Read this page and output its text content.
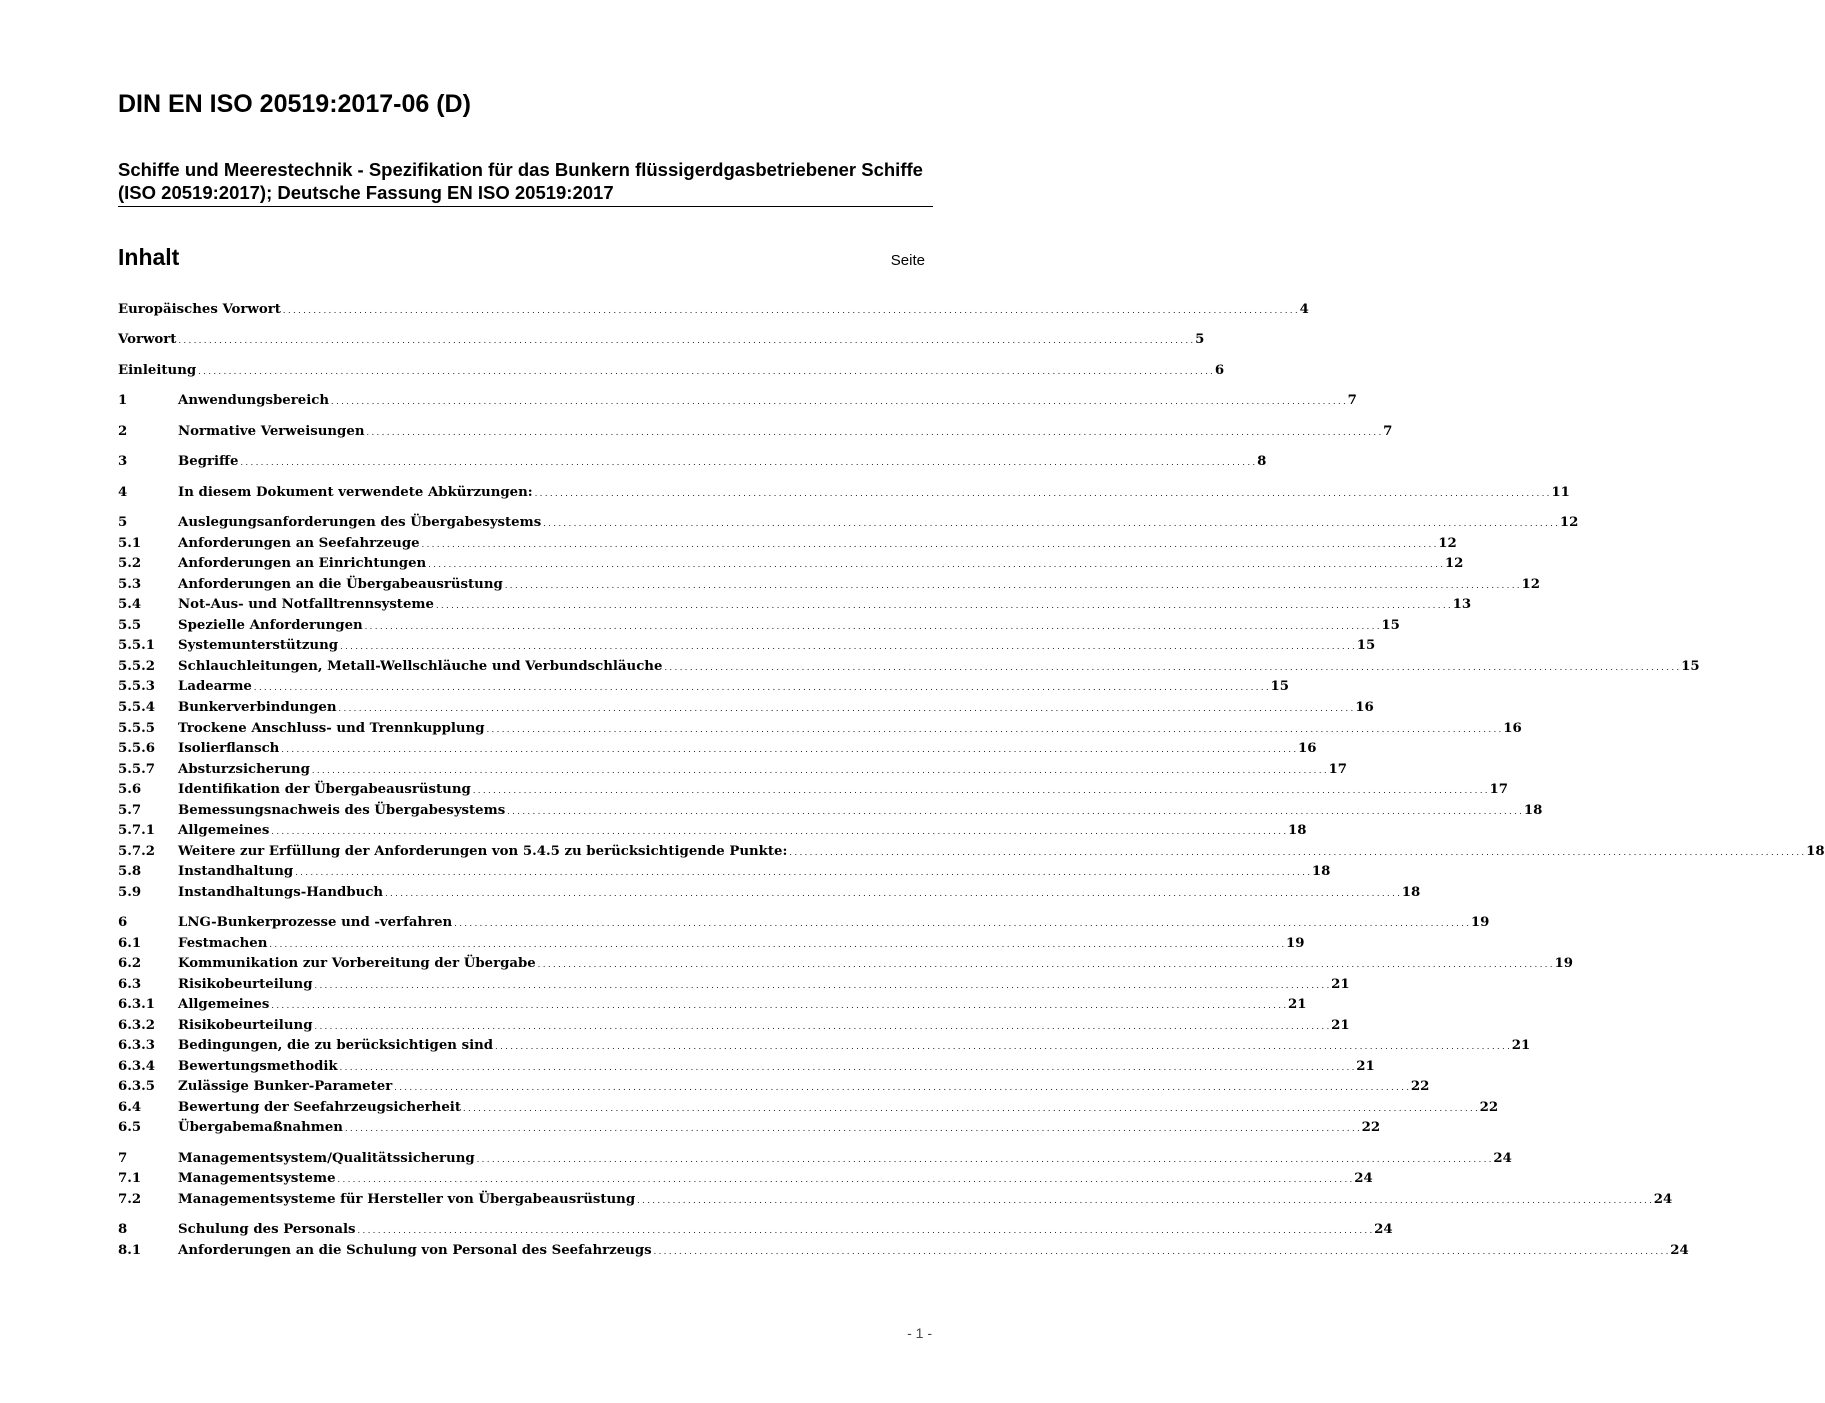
DIN EN ISO 20519:2017-06 (D)
Schiffe und Meerestechnik - Spezifikation für das Bunkern flüssigerdgasbetriebener Schiffe (ISO 20519:2017); Deutsche Fassung EN ISO 20519:2017
Inhalt	Seite
Europäisches Vorwort . . . . . . . . . . . . . . . . . . . . . . . . . . . . . . . . . . . . . . . . . . . . . . . . . . . . . . . . . . . . . . . . . . . . . . . . . . . . . . . . . . . . . . . . . . . . . . . . . . . . . . . . . . . . . . . . . . . . . . . . . . . . . . . . . . . . . . . . . . . . . . . . . . . . . . . . . . . . . . . . . . . . . . . . . . . . . . . . . . . . . . . . . . . . . . . . . . . . . . . . 4
Vorwort . . . . . . . . . . . . . . . . . . . . . . . . . . . . . . . . . . . . . . . . . . . . . . . . . . . . . . . . . . . . . . . . . . . . . . . . . . . . . . . . . . . . . . . . . . . . . . . . . . . . . . . . . . . . . . . . . . . . . . . . . . . . . . . . . . . . . . . . . . . . . . . . . . . . . . . . . . . . . . . . . . . . . . . . . . . . . . . . . . . . . . . . . . . . . . . . . . . . . . . . 5
Einleitung . . . . . . . . . . . . . . . . . . . . . . . . . . . . . . . . . . . . . . . . . . . . . . . . . . . . . . . . . . . . . . . . . . . . . . . . . . . . . . . . . . . . . . . . . . . . . . . . . . . . . . . . . . . . . . . . . . . . . . . . . . . . . . . . . . . . . . . . . . . . . . . . . . . . . . . . . . . . . . . . . . . . . . . . . . . . . . . . . . . . . . . . . . . . . . . . . . . . . . . . 6
1	Anwendungsbereich . . . . . . . . . . . . . . . . . . . . . . . . . . . . . . . . . . . . . . . . . . . . . . . . . . . . . . . . . . . . . . . . . . . . . . . . . . . . . . . . . . . . . . . . . . . . . . . . . . . . . . . . . . . . . . . . . . . . . . . . . . . . . . . . . . . . . . . . . . . . . . . . . . . . . . . . . . . . . . . . . . . . . . . . . . . . . . . . . . . . . . . . . . . . . . . . . . . . . . . . 7
2	Normative Verweisungen . . . . . . . . . . . . . . . . . . . . . . . . . . . . . . . . . . . . . . . . . . . . . . . . . . . . . . . . . . . . . . . . . . . . . . . . . . . . . . . . . . . . . . . . . . . . . . . . . . . . . . . . . . . . . . . . . . . . . . . . . . . . . . . . . . . . . . . . . . . . . . . . . . . . . . . . . . . . . . . . . . . . . . . . . . . . . . . . . . . . . . . . . . . . . . . . . . . . . . . . 7
3	Begriffe . . . . . . . . . . . . . . . . . . . . . . . . . . . . . . . . . . . . . . . . . . . . . . . . . . . . . . . . . . . . . . . . . . . . . . . . . . . . . . . . . . . . . . . . . . . . . . . . . . . . . . . . . . . . . . . . . . . . . . . . . . . . . . . . . . . . . . . . . . . . . . . . . . . . . . . . . . . . . . . . . . . . . . . . . . . . . . . . . . . . . . . . . . . . . . . . . . . . . . . . 8
4	In diesem Dokument verwendete Abkürzungen: . . . . . . . . . . . . . . . . . . . . . . . . . . . . . . . . . . . . . . . . . . . . . . . . . . . . . . . . . . . . . . . . . . . . . . . . . . . . . . . . . . . . . . . . . . . . . . . . . . . . . . . . . . . . . . . . . . . . . . . . . . . . . . . . . . . . . . . . . . . . . . . . . . . . . . . . . . . . . . . . . . . . . . . . . . . . . . . . . . . . . . . . . . . . . . . . . . . . . . . . 11
5	Auslegungsanforderungen des Übergabesystems . . . . . . . . . . . . . . . . . . . . . . . . . . . . . . . . . . . . . . . . . . . . . . . . . . . . . . . . . . . . . . . . . . . . . . . . . . . . . . . . . . . . . . . . . . . . . . . . . . . . . . . . . . . . . . . . . . . . . . . . . . . . . . . . . . . . . . . . . . . . . . . . . . . . . . . . . . . . . . . . . . . . . . . . . . . . . . . . . . . . . . . . . . . . . . . . . . . . . . . . 12
5.1	Anforderungen an Seefahrzeuge . . . . . . . . . . . . . . . . . . . . . . . . . . . . . . . . . . . . . . . . . . . . . . . . . . . . . . . . . . . . . . . . . . . . . . . . . . . . . . . . . . . . . . . . . . . . . . . . . . . . . . . . . . . . . . . . . . . . . . . . . . . . . . . . . . . . . . . . . . . . . . . . . . . . . . . . . . . . . . . . . . . . . . . . . . . . . . . . . . . . . . . . . . . . . . . . . . . . . . . . 12
5.2	Anforderungen an Einrichtungen . . . . . . . . . . . . . . . . . . . . . . . . . . . . . . . . . . . . . . . . . . . . . . . . . . . . . . . . . . . . . . . . . . . . . . . . . . . . . . . . . . . . . . . . . . . . . . . . . . . . . . . . . . . . . . . . . . . . . . . . . . . . . . . . . . . . . . . . . . . . . . . . . . . . . . . . . . . . . . . . . . . . . . . . . . . . . . . . . . . . . . . . . . . . . . . . . . . . . . . . 12
5.3	Anforderungen an die Übergabeausrüstung . . . . . . . . . . . . . . . . . . . . . . . . . . . . . . . . . . . . . . . . . . . . . . . . . . . . . . . . . . . . . . . . . . . . . . . . . . . . . . . . . . . . . . . . . . . . . . . . . . . . . . . . . . . . . . . . . . . . . . . . . . . . . . . . . . . . . . . . . . . . . . . . . . . . . . . . . . . . . . . . . . . . . . . . . . . . . . . . . . . . . . . . . . . . . . . . . . . . . . . . 12
5.4	Not-Aus- und Notfalltrennsysteme . . . . . . . . . . . . . . . . . . . . . . . . . . . . . . . . . . . . . . . . . . . . . . . . . . . . . . . . . . . . . . . . . . . . . . . . . . . . . . . . . . . . . . . . . . . . . . . . . . . . . . . . . . . . . . . . . . . . . . . . . . . . . . . . . . . . . . . . . . . . . . . . . . . . . . . . . . . . . . . . . . . . . . . . . . . . . . . . . . . . . . . . . . . . . . . . . . . . . . . . 13
5.5	Spezielle Anforderungen . . . . . . . . . . . . . . . . . . . . . . . . . . . . . . . . . . . . . . . . . . . . . . . . . . . . . . . . . . . . . . . . . . . . . . . . . . . . . . . . . . . . . . . . . . . . . . . . . . . . . . . . . . . . . . . . . . . . . . . . . . . . . . . . . . . . . . . . . . . . . . . . . . . . . . . . . . . . . . . . . . . . . . . . . . . . . . . . . . . . . . . . . . . . . . . . . . . . . . . . 15
5.5.1	Systemunterstützung . . . . . . . . . . . . . . . . . . . . . . . . . . . . . . . . . . . . . . . . . . . . . . . . . . . . . . . . . . . . . . . . . . . . . . . . . . . . . . . . . . . . . . . . . . . . . . . . . . . . . . . . . . . . . . . . . . . . . . . . . . . . . . . . . . . . . . . . . . . . . . . . . . . . . . . . . . . . . . . . . . . . . . . . . . . . . . . . . . . . . . . . . . . . . . . . . . . . . . . . 15
5.5.2	Schlauchleitungen, Metall-Wellschläuche und Verbundschläuche . . . . . . . . . . . . . . . . . . . . . . . . . . . . . . . . . . . . . . . . . . . . . . . . . . . . . . . . . . . . . . . . . . . . . . . . . . . . . . . . . . . . . . . . . . . . . . . . . . . . . . . . . . . . . . . . . . . . . . . . . . . . . . . . . . . . . . . . . . . . . . . . . . . . . . . . . . . . . . . . . . . . . . . . . . . . . . . . . . . . . . . . . . . . . . . . . . . . . . . . 15
5.5.3	Ladearme . . . . . . . . . . . . . . . . . . . . . . . . . . . . . . . . . . . . . . . . . . . . . . . . . . . . . . . . . . . . . . . . . . . . . . . . . . . . . . . . . . . . . . . . . . . . . . . . . . . . . . . . . . . . . . . . . . . . . . . . . . . . . . . . . . . . . . . . . . . . . . . . . . . . . . . . . . . . . . . . . . . . . . . . . . . . . . . . . . . . . . . . . . . . . . . . . . . . . . . . 15
5.5.4	Bunkerverbindungen . . . . . . . . . . . . . . . . . . . . . . . . . . . . . . . . . . . . . . . . . . . . . . . . . . . . . . . . . . . . . . . . . . . . . . . . . . . . . . . . . . . . . . . . . . . . . . . . . . . . . . . . . . . . . . . . . . . . . . . . . . . . . . . . . . . . . . . . . . . . . . . . . . . . . . . . . . . . . . . . . . . . . . . . . . . . . . . . . . . . . . . . . . . . . . . . . . . . . . . . 16
5.5.5	Trockene Anschluss- und Trennkupplung . . . . . . . . . . . . . . . . . . . . . . . . . . . . . . . . . . . . . . . . . . . . . . . . . . . . . . . . . . . . . . . . . . . . . . . . . . . . . . . . . . . . . . . . . . . . . . . . . . . . . . . . . . . . . . . . . . . . . . . . . . . . . . . . . . . . . . . . . . . . . . . . . . . . . . . . . . . . . . . . . . . . . . . . . . . . . . . . . . . . . . . . . . . . . . . . . . . . . . . . 16
5.5.6	Isolierflansch . . . . . . . . . . . . . . . . . . . . . . . . . . . . . . . . . . . . . . . . . . . . . . . . . . . . . . . . . . . . . . . . . . . . . . . . . . . . . . . . . . . . . . . . . . . . . . . . . . . . . . . . . . . . . . . . . . . . . . . . . . . . . . . . . . . . . . . . . . . . . . . . . . . . . . . . . . . . . . . . . . . . . . . . . . . . . . . . . . . . . . . . . . . . . . . . . . . . . . . . 16
5.5.7	Absturzsicherung . . . . . . . . . . . . . . . . . . . . . . . . . . . . . . . . . . . . . . . . . . . . . . . . . . . . . . . . . . . . . . . . . . . . . . . . . . . . . . . . . . . . . . . . . . . . . . . . . . . . . . . . . . . . . . . . . . . . . . . . . . . . . . . . . . . . . . . . . . . . . . . . . . . . . . . . . . . . . . . . . . . . . . . . . . . . . . . . . . . . . . . . . . . . . . . . . . . . . . . . 17
5.6	Identifikation der Übergabeausrüstung . . . . . . . . . . . . . . . . . . . . . . . . . . . . . . . . . . . . . . . . . . . . . . . . . . . . . . . . . . . . . . . . . . . . . . . . . . . . . . . . . . . . . . . . . . . . . . . . . . . . . . . . . . . . . . . . . . . . . . . . . . . . . . . . . . . . . . . . . . . . . . . . . . . . . . . . . . . . . . . . . . . . . . . . . . . . . . . . . . . . . . . . . . . . . . . . . . . . . . . . 17
5.7	Bemessungsnachweis des Übergabesystems . . . . . . . . . . . . . . . . . . . . . . . . . . . . . . . . . . . . . . . . . . . . . . . . . . . . . . . . . . . . . . . . . . . . . . . . . . . . . . . . . . . . . . . . . . . . . . . . . . . . . . . . . . . . . . . . . . . . . . . . . . . . . . . . . . . . . . . . . . . . . . . . . . . . . . . . . . . . . . . . . . . . . . . . . . . . . . . . . . . . . . . . . . . . . . . . . . . . . . . . 18
5.7.1	Allgemeines . . . . . . . . . . . . . . . . . . . . . . . . . . . . . . . . . . . . . . . . . . . . . . . . . . . . . . . . . . . . . . . . . . . . . . . . . . . . . . . . . . . . . . . . . . . . . . . . . . . . . . . . . . . . . . . . . . . . . . . . . . . . . . . . . . . . . . . . . . . . . . . . . . . . . . . . . . . . . . . . . . . . . . . . . . . . . . . . . . . . . . . . . . . . . . . . . . . . . . . . 18
5.7.2	Weitere zur Erfüllung der Anforderungen von 5.4.5 zu berücksichtigende Punkte: . . . . . . . . . . . . . . . . . . . . . . . . . . . . . . . . . . . . . . . . . . . . . . . . . . . . . . . . . . . . . . . . . . . . . . . . . . . . . . . . . . . . . . . . . . . . . . . . . . . . . . . . . . . . . . . . . . . . . . . . . . . . . . . . . . . . . . . . . . . . . . . . . . . . . . . . . . . . . . . . . . . . . . . . . . . . . . . . . . . . . . . . . . . . . . . . . . . . . . . . 18
5.8	Instandhaltung . . . . . . . . . . . . . . . . . . . . . . . . . . . . . . . . . . . . . . . . . . . . . . . . . . . . . . . . . . . . . . . . . . . . . . . . . . . . . . . . . . . . . . . . . . . . . . . . . . . . . . . . . . . . . . . . . . . . . . . . . . . . . . . . . . . . . . . . . . . . . . . . . . . . . . . . . . . . . . . . . . . . . . . . . . . . . . . . . . . . . . . . . . . . . . . . . . . . . . . . 18
5.9	Instandhaltungs-Handbuch . . . . . . . . . . . . . . . . . . . . . . . . . . . . . . . . . . . . . . . . . . . . . . . . . . . . . . . . . . . . . . . . . . . . . . . . . . . . . . . . . . . . . . . . . . . . . . . . . . . . . . . . . . . . . . . . . . . . . . . . . . . . . . . . . . . . . . . . . . . . . . . . . . . . . . . . . . . . . . . . . . . . . . . . . . . . . . . . . . . . . . . . . . . . . . . . . . . . . . . . 18
6	LNG-Bunkerprozesse und -verfahren . . . . . . . . . . . . . . . . . . . . . . . . . . . . . . . . . . . . . . . . . . . . . . . . . . . . . . . . . . . . . . . . . . . . . . . . . . . . . . . . . . . . . . . . . . . . . . . . . . . . . . . . . . . . . . . . . . . . . . . . . . . . . . . . . . . . . . . . . . . . . . . . . . . . . . . . . . . . . . . . . . . . . . . . . . . . . . . . . . . . . . . . . . . . . . . . . . . . . . . . 19
6.1	Festmachen . . . . . . . . . . . . . . . . . . . . . . . . . . . . . . . . . . . . . . . . . . . . . . . . . . . . . . . . . . . . . . . . . . . . . . . . . . . . . . . . . . . . . . . . . . . . . . . . . . . . . . . . . . . . . . . . . . . . . . . . . . . . . . . . . . . . . . . . . . . . . . . . . . . . . . . . . . . . . . . . . . . . . . . . . . . . . . . . . . . . . . . . . . . . . . . . . . . . . . . . 19
6.2	Kommunikation zur Vorbereitung der Übergabe . . . . . . . . . . . . . . . . . . . . . . . . . . . . . . . . . . . . . . . . . . . . . . . . . . . . . . . . . . . . . . . . . . . . . . . . . . . . . . . . . . . . . . . . . . . . . . . . . . . . . . . . . . . . . . . . . . . . . . . . . . . . . . . . . . . . . . . . . . . . . . . . . . . . . . . . . . . . . . . . . . . . . . . . . . . . . . . . . . . . . . . . . . . . . . . . . . . . . . . . 19
6.3	Risikobeurteilung . . . . . . . . . . . . . . . . . . . . . . . . . . . . . . . . . . . . . . . . . . . . . . . . . . . . . . . . . . . . . . . . . . . . . . . . . . . . . . . . . . . . . . . . . . . . . . . . . . . . . . . . . . . . . . . . . . . . . . . . . . . . . . . . . . . . . . . . . . . . . . . . . . . . . . . . . . . . . . . . . . . . . . . . . . . . . . . . . . . . . . . . . . . . . . . . . . . . . . . . 21
6.3.1	Allgemeines . . . . . . . . . . . . . . . . . . . . . . . . . . . . . . . . . . . . . . . . . . . . . . . . . . . . . . . . . . . . . . . . . . . . . . . . . . . . . . . . . . . . . . . . . . . . . . . . . . . . . . . . . . . . . . . . . . . . . . . . . . . . . . . . . . . . . . . . . . . . . . . . . . . . . . . . . . . . . . . . . . . . . . . . . . . . . . . . . . . . . . . . . . . . . . . . . . . . . . . . 21
6.3.2	Risikobeurteilung . . . . . . . . . . . . . . . . . . . . . . . . . . . . . . . . . . . . . . . . . . . . . . . . . . . . . . . . . . . . . . . . . . . . . . . . . . . . . . . . . . . . . . . . . . . . . . . . . . . . . . . . . . . . . . . . . . . . . . . . . . . . . . . . . . . . . . . . . . . . . . . . . . . . . . . . . . . . . . . . . . . . . . . . . . . . . . . . . . . . . . . . . . . . . . . . . . . . . . . . 21
6.3.3	Bedingungen, die zu berücksichtigen sind . . . . . . . . . . . . . . . . . . . . . . . . . . . . . . . . . . . . . . . . . . . . . . . . . . . . . . . . . . . . . . . . . . . . . . . . . . . . . . . . . . . . . . . . . . . . . . . . . . . . . . . . . . . . . . . . . . . . . . . . . . . . . . . . . . . . . . . . . . . . . . . . . . . . . . . . . . . . . . . . . . . . . . . . . . . . . . . . . . . . . . . . . . . . . . . . . . . . . . . . 21
6.3.4	Bewertungsmethodik . . . . . . . . . . . . . . . . . . . . . . . . . . . . . . . . . . . . . . . . . . . . . . . . . . . . . . . . . . . . . . . . . . . . . . . . . . . . . . . . . . . . . . . . . . . . . . . . . . . . . . . . . . . . . . . . . . . . . . . . . . . . . . . . . . . . . . . . . . . . . . . . . . . . . . . . . . . . . . . . . . . . . . . . . . . . . . . . . . . . . . . . . . . . . . . . . . . . . . . . 21
6.3.5	Zulässige Bunker-Parameter . . . . . . . . . . . . . . . . . . . . . . . . . . . . . . . . . . . . . . . . . . . . . . . . . . . . . . . . . . . . . . . . . . . . . . . . . . . . . . . . . . . . . . . . . . . . . . . . . . . . . . . . . . . . . . . . . . . . . . . . . . . . . . . . . . . . . . . . . . . . . . . . . . . . . . . . . . . . . . . . . . . . . . . . . . . . . . . . . . . . . . . . . . . . . . . . . . . . . . . . 22
6.4	Bewertung der Seefahrzeugsicherheit . . . . . . . . . . . . . . . . . . . . . . . . . . . . . . . . . . . . . . . . . . . . . . . . . . . . . . . . . . . . . . . . . . . . . . . . . . . . . . . . . . . . . . . . . . . . . . . . . . . . . . . . . . . . . . . . . . . . . . . . . . . . . . . . . . . . . . . . . . . . . . . . . . . . . . . . . . . . . . . . . . . . . . . . . . . . . . . . . . . . . . . . . . . . . . . . . . . . . . . . 22
6.5	Übergabemaßnahmen . . . . . . . . . . . . . . . . . . . . . . . . . . . . . . . . . . . . . . . . . . . . . . . . . . . . . . . . . . . . . . . . . . . . . . . . . . . . . . . . . . . . . . . . . . . . . . . . . . . . . . . . . . . . . . . . . . . . . . . . . . . . . . . . . . . . . . . . . . . . . . . . . . . . . . . . . . . . . . . . . . . . . . . . . . . . . . . . . . . . . . . . . . . . . . . . . . . . . . . . 22
7	Managementsystem/Qualitätssicherung . . . . . . . . . . . . . . . . . . . . . . . . . . . . . . . . . . . . . . . . . . . . . . . . . . . . . . . . . . . . . . . . . . . . . . . . . . . . . . . . . . . . . . . . . . . . . . . . . . . . . . . . . . . . . . . . . . . . . . . . . . . . . . . . . . . . . . . . . . . . . . . . . . . . . . . . . . . . . . . . . . . . . . . . . . . . . . . . . . . . . . . . . . . . . . . . . . . . . . . . 24
7.1	Managementsysteme . . . . . . . . . . . . . . . . . . . . . . . . . . . . . . . . . . . . . . . . . . . . . . . . . . . . . . . . . . . . . . . . . . . . . . . . . . . . . . . . . . . . . . . . . . . . . . . . . . . . . . . . . . . . . . . . . . . . . . . . . . . . . . . . . . . . . . . . . . . . . . . . . . . . . . . . . . . . . . . . . . . . . . . . . . . . . . . . . . . . . . . . . . . . . . . . . . . . . . . . 24
7.2	Managementsysteme für Hersteller von Übergabeausrüstung . . . . . . . . . . . . . . . . . . . . . . . . . . . . . . . . . . . . . . . . . . . . . . . . . . . . . . . . . . . . . . . . . . . . . . . . . . . . . . . . . . . . . . . . . . . . . . . . . . . . . . . . . . . . . . . . . . . . . . . . . . . . . . . . . . . . . . . . . . . . . . . . . . . . . . . . . . . . . . . . . . . . . . . . . . . . . . . . . . . . . . . . . . . . . . . . . . . . . . . . 24
8	Schulung des Personals . . . . . . . . . . . . . . . . . . . . . . . . . . . . . . . . . . . . . . . . . . . . . . . . . . . . . . . . . . . . . . . . . . . . . . . . . . . . . . . . . . . . . . . . . . . . . . . . . . . . . . . . . . . . . . . . . . . . . . . . . . . . . . . . . . . . . . . . . . . . . . . . . . . . . . . . . . . . . . . . . . . . . . . . . . . . . . . . . . . . . . . . . . . . . . . . . . . . . . . . 24
8.1	Anforderungen an die Schulung von Personal des Seefahrzeugs . . . . . . . . . . . . . . . . . . . . . . . . . . . . . . . . . . . . . . . . . . . . . . . . . . . . . . . . . . . . . . . . . . . . . . . . . . . . . . . . . . . . . . . . . . . . . . . . . . . . . . . . . . . . . . . . . . . . . . . . . . . . . . . . . . . . . . . . . . . . . . . . . . . . . . . . . . . . . . . . . . . . . . . . . . . . . . . . . . . . . . . . . . . . . . . . . . . . . . . . 24
- 1 -
